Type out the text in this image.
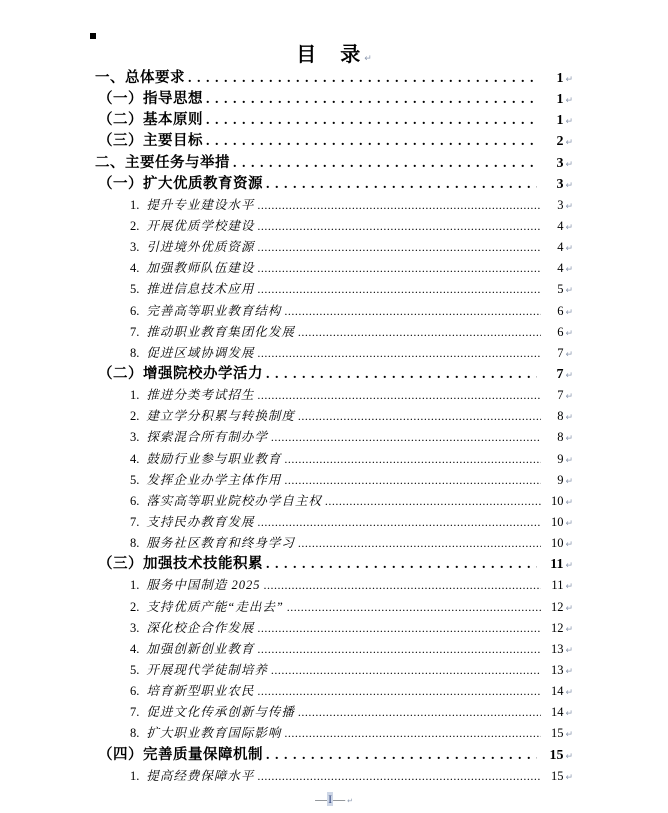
目　录 ↵
一、总体要求 . . .	1 ↵
（一）指导思想 . . .	1 ↵
（二）基本原则 . . .	1 ↵
（三）主要目标 . . .	2 ↵
二、主要任务与举措 . . .	3 ↵
（一）扩大优质教育资源 . . .	3 ↵
1. 提升专业建设水平 .....	3 ↵
2. 开展优质学校建设 .....	4 ↵
3. 引进境外优质资源 .....	4 ↵
4. 加强教师队伍建设 .....	4 ↵
5. 推进信息技术应用 .....	5 ↵
6. 完善高等职业教育结构 .....	6 ↵
7. 推动职业教育集团化发展 .....	6 ↵
8. 促进区域协调发展 .....	7 ↵
（二）增强院校办学活力 . . .	7 ↵
1. 推进分类考试招生 .....	7 ↵
2. 建立学分积累与转换制度 .....	8 ↵
3. 探索混合所有制办学 .....	8 ↵
4. 鼓励行业参与职业教育 .....	9 ↵
5. 发挥企业办学主体作用 .....	9 ↵
6. 落实高等职业院校办学自主权 .....	10 ↵
7. 支持民办教育发展 .....	10 ↵
8. 服务社区教育和终身学习 .....	10 ↵
（三）加强技术技能积累 . . .	11 ↵
1. 服务中国制造 2025 .....	11 ↵
2. 支持优质产能“走出去” .....	12 ↵
3. 深化校企合作发展 .....	12 ↵
4. 加强创新创业教育 .....	13 ↵
5. 开展现代学徒制培养 .....	13 ↵
6. 培育新型职业农民 .....	14 ↵
7. 促进文化传承创新与传播 .....	14 ↵
8. 扩大职业教育国际影响 .....	15 ↵
（四）完善质量保障机制 . . .	15 ↵
1. 提高经费保障水平 .....	15 ↵
—I— ↵
